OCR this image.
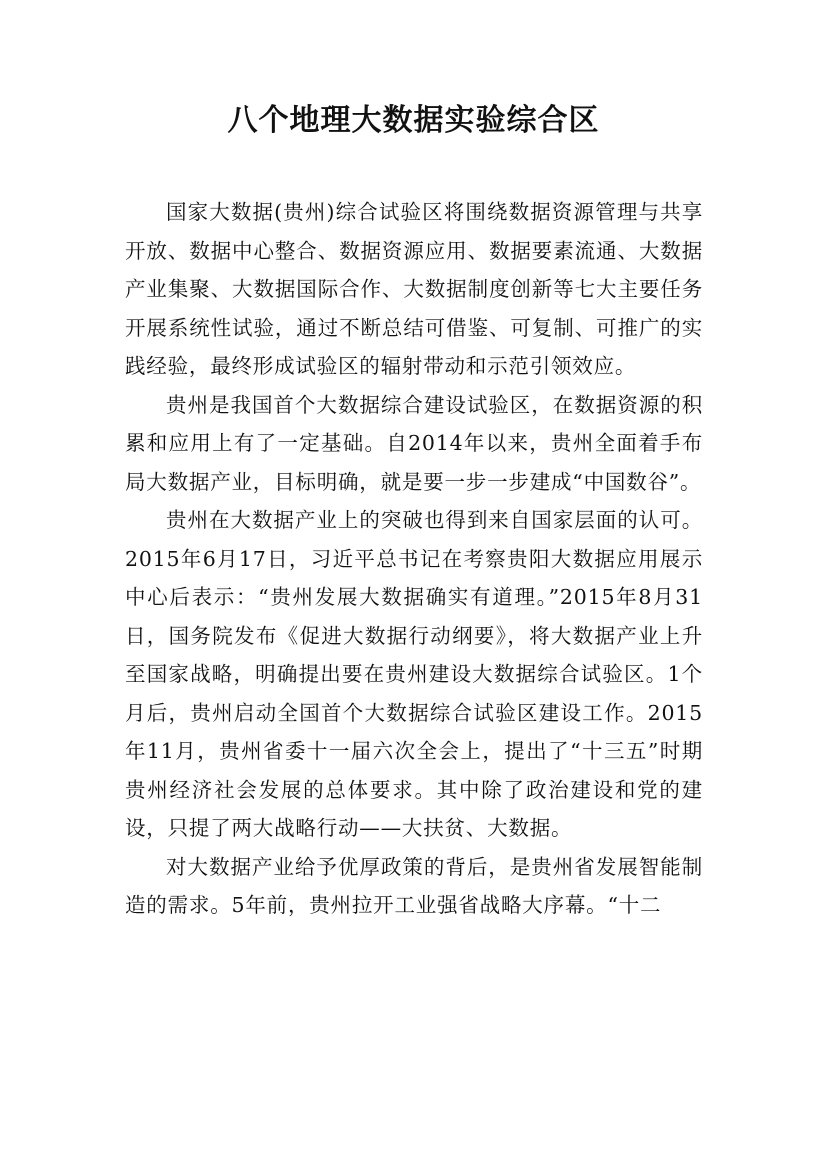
八个地理大数据实验综合区

国家大数据(贵州)综合试验区将围绕数据资源管理与共享开放、数据中心整合、数据资源应用、数据要素流通、大数据产业集聚、大数据国际合作、大数据制度创新等七大主要任务开展系统性试验，通过不断总结可借鉴、可复制、可推广的实践经验，最终形成试验区的辐射带动和示范引领效应。

贵州是我国首个大数据综合建设试验区，在数据资源的积累和应用上有了一定基础。自2014年以来，贵州全面着手布局大数据产业，目标明确，就是要一步一步建成“中国数谷”。

贵州在大数据产业上的突破也得到来自国家层面的认可。2015年6月17日，习近平总书记在考察贵阳大数据应用展示中心后表示：“贵州发展大数据确实有道理。”2015年8月31日，国务院发布《促进大数据行动纲要》，将大数据产业上升至国家战略，明确提出要在贵州建设大数据综合试验区。1个月后，贵州启动全国首个大数据综合试验区建设工作。2015年11月，贵州省委十一届六次全会上，提出了“十三五”时期贵州经济社会发展的总体要求。其中除了政治建设和党的建设，只提了两大战略行动——大扶贫、大数据。

对大数据产业给予优厚政策的背后，是贵州省发展智能制造的需求。5年前，贵州拉开工业强省战略大序幕。“十二
